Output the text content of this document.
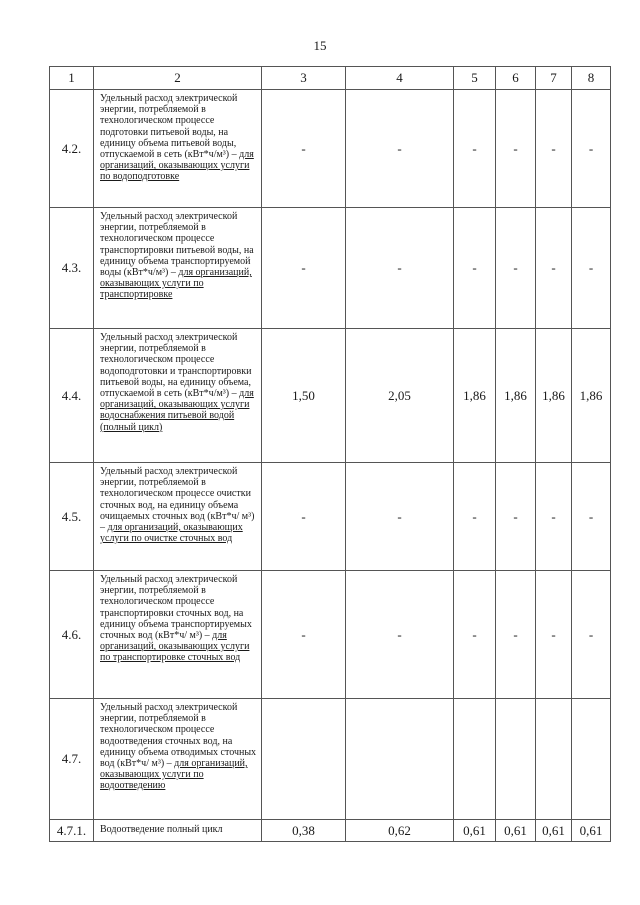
15
1	2	3	4	5	6	7	8
4.2.	Удельный расход электрической энергии, потребляемой в технологическом процессе подготовки питьевой воды, на единицу объема питьевой воды, отпускаемой в сеть (кВт*ч/м³) – для организаций, оказывающих услуги по водоподготовке	-	-	-	-	-	-
4.3.	Удельный расход электрической энергии, потребляемой в технологическом процессе транспортировки питьевой воды, на единицу объема транспортируемой воды (кВт*ч/м³) – для организаций, оказывающих услуги по транспортировке	-	-	-	-	-	-
4.4.	Удельный расход электрической энергии, потребляемой в технологическом процессе водоподготовки и транспортировки питьевой воды, на единицу объема, отпускаемой в сеть (кВт*ч/м³) – для организаций, оказывающих услуги водоснабжения питьевой водой (полный цикл)	1,50	2,05	1,86	1,86	1,86	1,86
4.5.	Удельный расход электрической энергии, потребляемой в технологическом процессе очистки сточных вод, на единицу объема очищаемых сточных вод (кВт*ч/ м³) – для организаций, оказывающих услуги по очистке сточных вод	-	-	-	-	-	-
4.6.	Удельный расход электрической энергии, потребляемой в технологическом процессе транспортировки сточных вод, на единицу объема транспортируемых сточных вод (кВт*ч/ м³) – для организаций, оказывающих услуги по транспортировке сточных вод	-	-	-	-	-	-
4.7.	Удельный расход электрической энергии, потребляемой в технологическом процессе водоотведения сточных вод, на единицу объема отводимых сточных вод (кВт*ч/ м³) – для организаций, оказывающих услуги по водоотведению						
4.7.1.	Водоотведение полный цикл	0,38	0,62	0,61	0,61	0,61	0,61
